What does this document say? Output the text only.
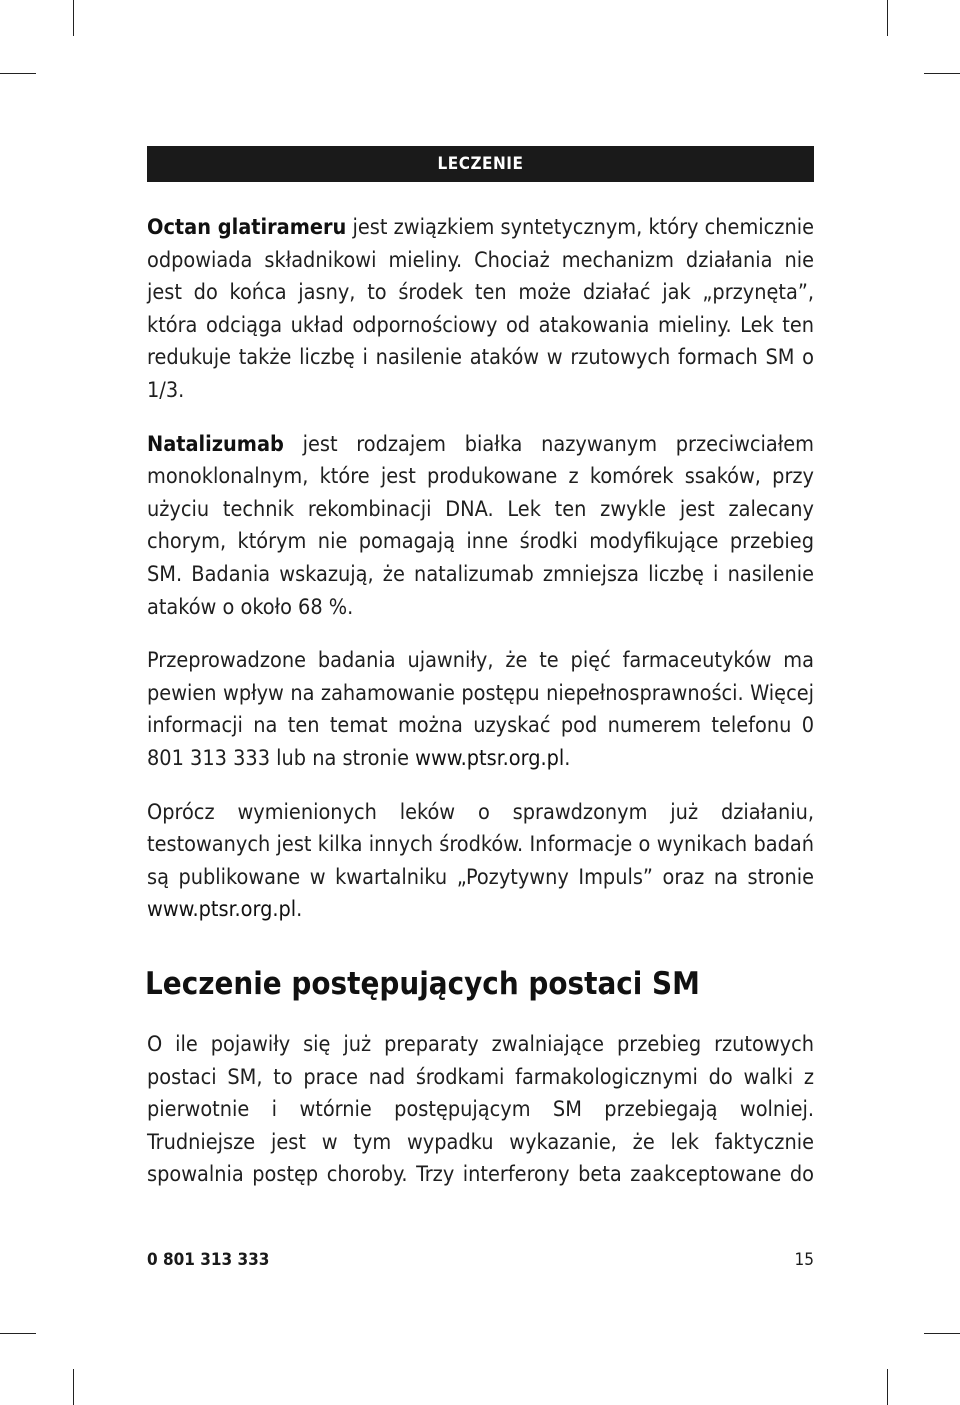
LECZENIE

Octan glatirameru jest związkiem syntetycznym, który chemicznie odpowiada składnikowi mieliny. Chociaż mechanizm działania nie jest do końca jasny, to środek ten może działać jak „przynęta”, która odciąga układ odpornościowy od atakowania mieliny. Lek ten redukuje także liczbę i nasilenie ataków w rzutowych formach SM o 1/3.

Natalizumab jest rodzajem białka nazywanym przeciwciałem monoklonalnym, które jest produkowane z komórek ssaków, przy użyciu technik rekombinacji DNA. Lek ten zwykle jest zalecany chorym, którym nie pomagają inne środki modyfikujące przebieg SM. Badania wskazują, że natalizumab zmniejsza liczbę i nasilenie ataków o około 68 %.

Przeprowadzone badania ujawniły, że te pięć farmaceutyków ma pewien wpływ na zahamowanie postępu niepełnosprawności. Więcej informacji na ten temat można uzyskać pod numerem telefonu 0 801 313 333 lub na stronie www.ptsr.org.pl.

Oprócz wymienionych leków o sprawdzonym już działaniu, testowanych jest kilka innych środków. Informacje o wynikach badań są publikowane w kwartalniku „Pozytywny Impuls” oraz na stronie www.ptsr.org.pl.

Leczenie postępujących postaci SM

O ile pojawiły się już preparaty zwalniające przebieg rzutowych postaci SM, to prace nad środkami farmakologicznymi do walki z pierwotnie i wtórnie postępującym SM przebiegają wolniej. Trudniejsze jest w tym wypadku wykazanie, że lek faktycznie spowalnia postęp choroby. Trzy interferony beta zaakceptowane do

0 801 313 333	15
